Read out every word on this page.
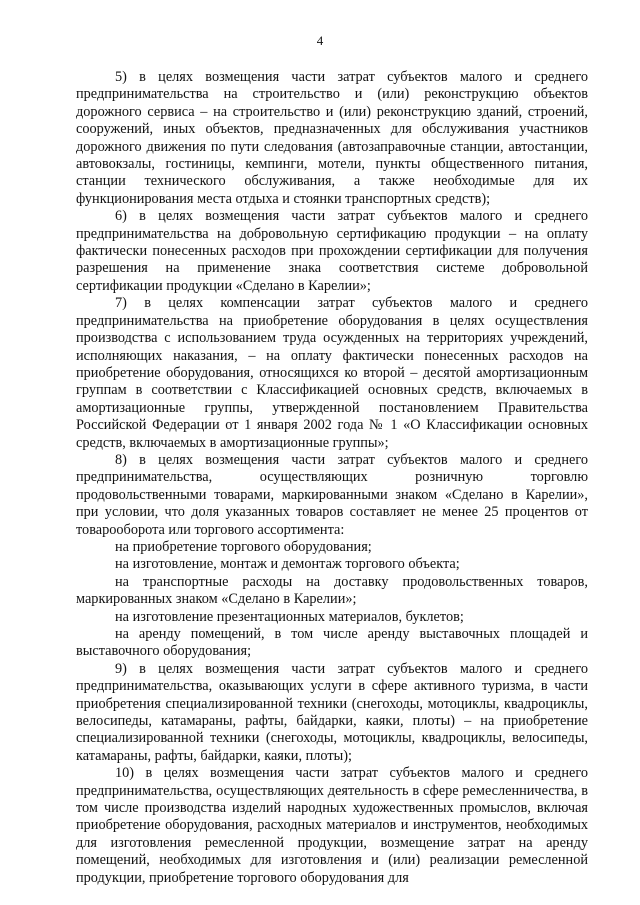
4

5) в целях возмещения части затрат субъектов малого и среднего предпринимательства на строительство и (или) реконструкцию объектов дорожного сервиса – на строительство и (или) реконструкцию зданий, строений, сооружений, иных объектов, предназначенных для обслуживания участников дорожного движения по пути следования (автозаправочные станции, автостанции, автовокзалы, гостиницы, кемпинги, мотели, пункты общественного питания, станции технического обслуживания, а также необходимые для их функционирования места отдыха и стоянки транспортных средств);

6) в целях возмещения части затрат субъектов малого и среднего предпринимательства на добровольную сертификацию продукции – на оплату фактически понесенных расходов при прохождении сертификации для получения разрешения на применение знака соответствия системе добровольной сертификации продукции «Сделано в Карелии»;

7) в целях компенсации затрат субъектов малого и среднего предпринимательства на приобретение оборудования в целях осуществления производства с использованием труда осужденных на территориях учреждений, исполняющих наказания, – на оплату фактически понесенных расходов на приобретение оборудования, относящихся ко второй – десятой амортизационным группам в соответствии с Классификацией основных средств, включаемых в амортизационные группы, утвержденной постановлением Правительства Российской Федерации от 1 января 2002 года № 1 «О Классификации основных средств, включаемых в амортизационные группы»;

8) в целях возмещения части затрат субъектов малого и среднего предпринимательства, осуществляющих розничную торговлю продовольственными товарами, маркированными знаком «Сделано в Карелии», при условии, что доля указанных товаров составляет не менее 25 процентов от товарооборота или торгового ассортимента:

на приобретение торгового оборудования;

на изготовление, монтаж и демонтаж торгового объекта;

на транспортные расходы на доставку продовольственных товаров, маркированных знаком «Сделано в Карелии»;

на изготовление презентационных материалов, буклетов;

на аренду помещений, в том числе аренду выставочных площадей и выставочного оборудования;

9) в целях возмещения части затрат субъектов малого и среднего предпринимательства, оказывающих услуги в сфере активного туризма, в части приобретения специализированной техники (снегоходы, мотоциклы, квадроциклы, велосипеды, катамараны, рафты, байдарки, каяки, плоты) – на приобретение специализированной техники (снегоходы, мотоциклы, квадроциклы, велосипеды, катамараны, рафты, байдарки, каяки, плоты);

10) в целях возмещения части затрат субъектов малого и среднего предпринимательства, осуществляющих деятельность в сфере ремесленничества, в том числе производства изделий народных художественных промыслов, включая приобретение оборудования, расходных материалов и инструментов, необходимых для изготовления ремесленной продукции, возмещение затрат на аренду помещений, необходимых для изготовления и (или) реализации ремесленной продукции, приобретение торгового оборудования для
